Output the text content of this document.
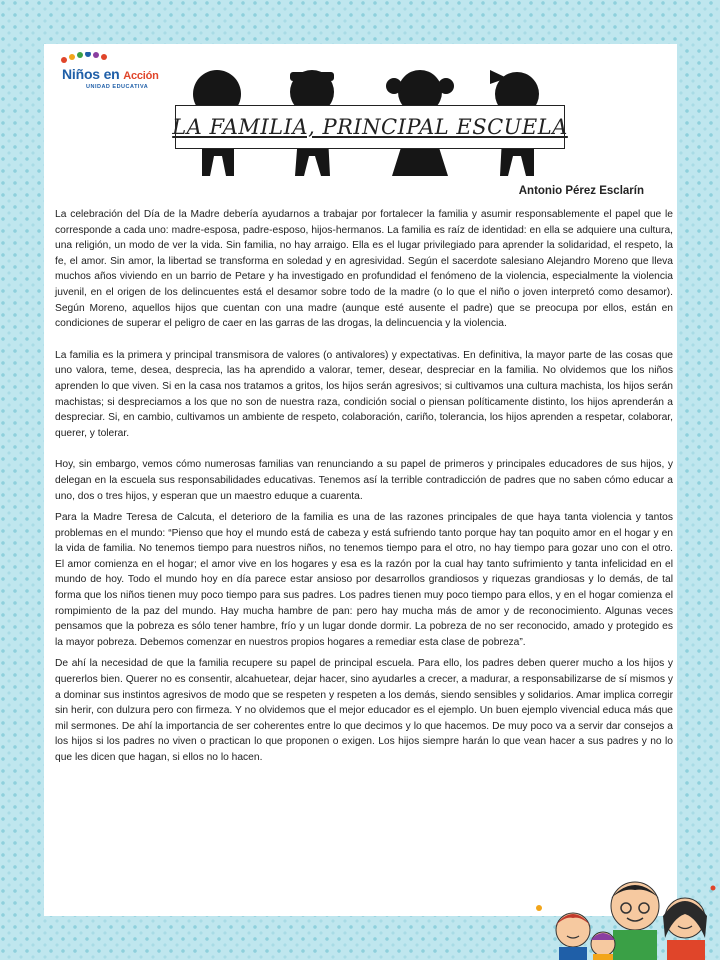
Niños en Acción
UNIDAD EDUCATIVA
LA FAMILIA, PRINCIPAL ESCUELA
Antonio Pérez Esclarín

La celebración del Día de la Madre debería ayudarnos a trabajar por fortalecer la familia y asumir responsablemente el papel que le corresponde a cada uno: madre-esposa, padre-esposo, hijos-hermanos. La familia es raíz de identidad: en ella se adquiere una cultura, una religión, un modo de ver la vida. Sin familia, no hay arraigo. Ella es el lugar privilegiado para aprender la solidaridad, el respeto, la fe, el amor. Sin amor, la libertad se transforma en soledad y en agresividad. Según el sacerdote salesiano Alejandro Moreno que lleva muchos años viviendo en un barrio de Petare y ha investigado en profundidad el fenómeno de la violencia, especialmente la violencia juvenil, en el origen de los delincuentes está el desamor sobre todo de la madre (o lo que el niño o joven interpretó como desamor). Según Moreno, aquellos hijos que cuentan con una madre (aunque esté ausente el padre) que se preocupa por ellos, están en condiciones de superar el peligro de caer en las garras de las drogas, la delincuencia y la violencia.

La familia es la primera y principal transmisora de valores (o antivalores) y expectativas. En definitiva, la mayor parte de las cosas que uno valora, teme, desea, desprecia, las ha aprendido a valorar, temer, desear, despreciar en la familia. No olvidemos que los niños aprenden lo que viven. Si en la casa nos tratamos a gritos, los hijos serán agresivos; si cultivamos una cultura machista, los hijos serán machistas; si despreciamos a los que no son de nuestra raza, condición social o piensan políticamente distinto, los hijos aprenderán a despreciar. Si, en cambio, cultivamos un ambiente de respeto, colaboración, cariño, tolerancia, los hijos aprenden a respetar, colaborar, querer, y tolerar.

Hoy, sin embargo, vemos cómo numerosas familias van renunciando a su papel de primeros y principales educadores de sus hijos, y delegan en la escuela sus responsabilidades educativas. Tenemos así la terrible contradicción de padres que no saben cómo educar a uno, dos o tres hijos, y esperan que un maestro eduque a cuarenta.

Para la Madre Teresa de Calcuta, el deterioro de la familia es una de las razones principales de que haya tanta violencia y tantos problemas en el mundo: “Pienso que hoy el mundo está de cabeza y está sufriendo tanto porque hay tan poquito amor en el hogar y en la vida de familia. No tenemos tiempo para nuestros niños, no tenemos tiempo para el otro, no hay tiempo para gozar uno con el otro. El amor comienza en el hogar; el amor vive en los hogares y esa es la razón por la cual hay tanto sufrimiento y tanta infelicidad en el mundo de hoy. Todo el mundo hoy en día parece estar ansioso por desarrollos grandiosos y riquezas grandiosas y lo demás, de tal forma que los niños tienen muy poco tiempo para sus padres. Los padres tienen muy poco tiempo para ellos, y en el hogar comienza el rompimiento de la paz del mundo. Hay mucha hambre de pan: pero hay mucha más de amor y de reconocimiento. Algunas veces pensamos que la pobreza es sólo tener hambre, frío y un lugar donde dormir. La pobreza de no ser reconocido, amado y protegido es la mayor pobreza. Debemos comenzar en nuestros propios hogares a remediar esta clase de pobreza”.

De ahí la necesidad de que la familia recupere su papel de principal escuela. Para ello, los padres deben querer mucho a los hijos y quererlos bien. Querer no es consentir, alcahuetear, dejar hacer, sino ayudarles a crecer, a madurar, a responsabilizarse de sí mismos y a dominar sus instintos agresivos de modo que se respeten y respeten a los demás, siendo sensibles y solidarios. Amar implica corregir sin herir, con dulzura pero con firmeza. Y no olvidemos que el mejor educador es el ejemplo. Un buen ejemplo vivencial educa más que mil sermones. De ahí la importancia de ser coherentes entre lo que decimos y lo que hacemos. De muy poco va a servir dar consejos a los hijos si los padres no viven o practican lo que proponen o exigen. Los hijos siempre harán lo que vean hacer a sus padres y no lo que les dicen que hagan, si ellos no lo hacen.
